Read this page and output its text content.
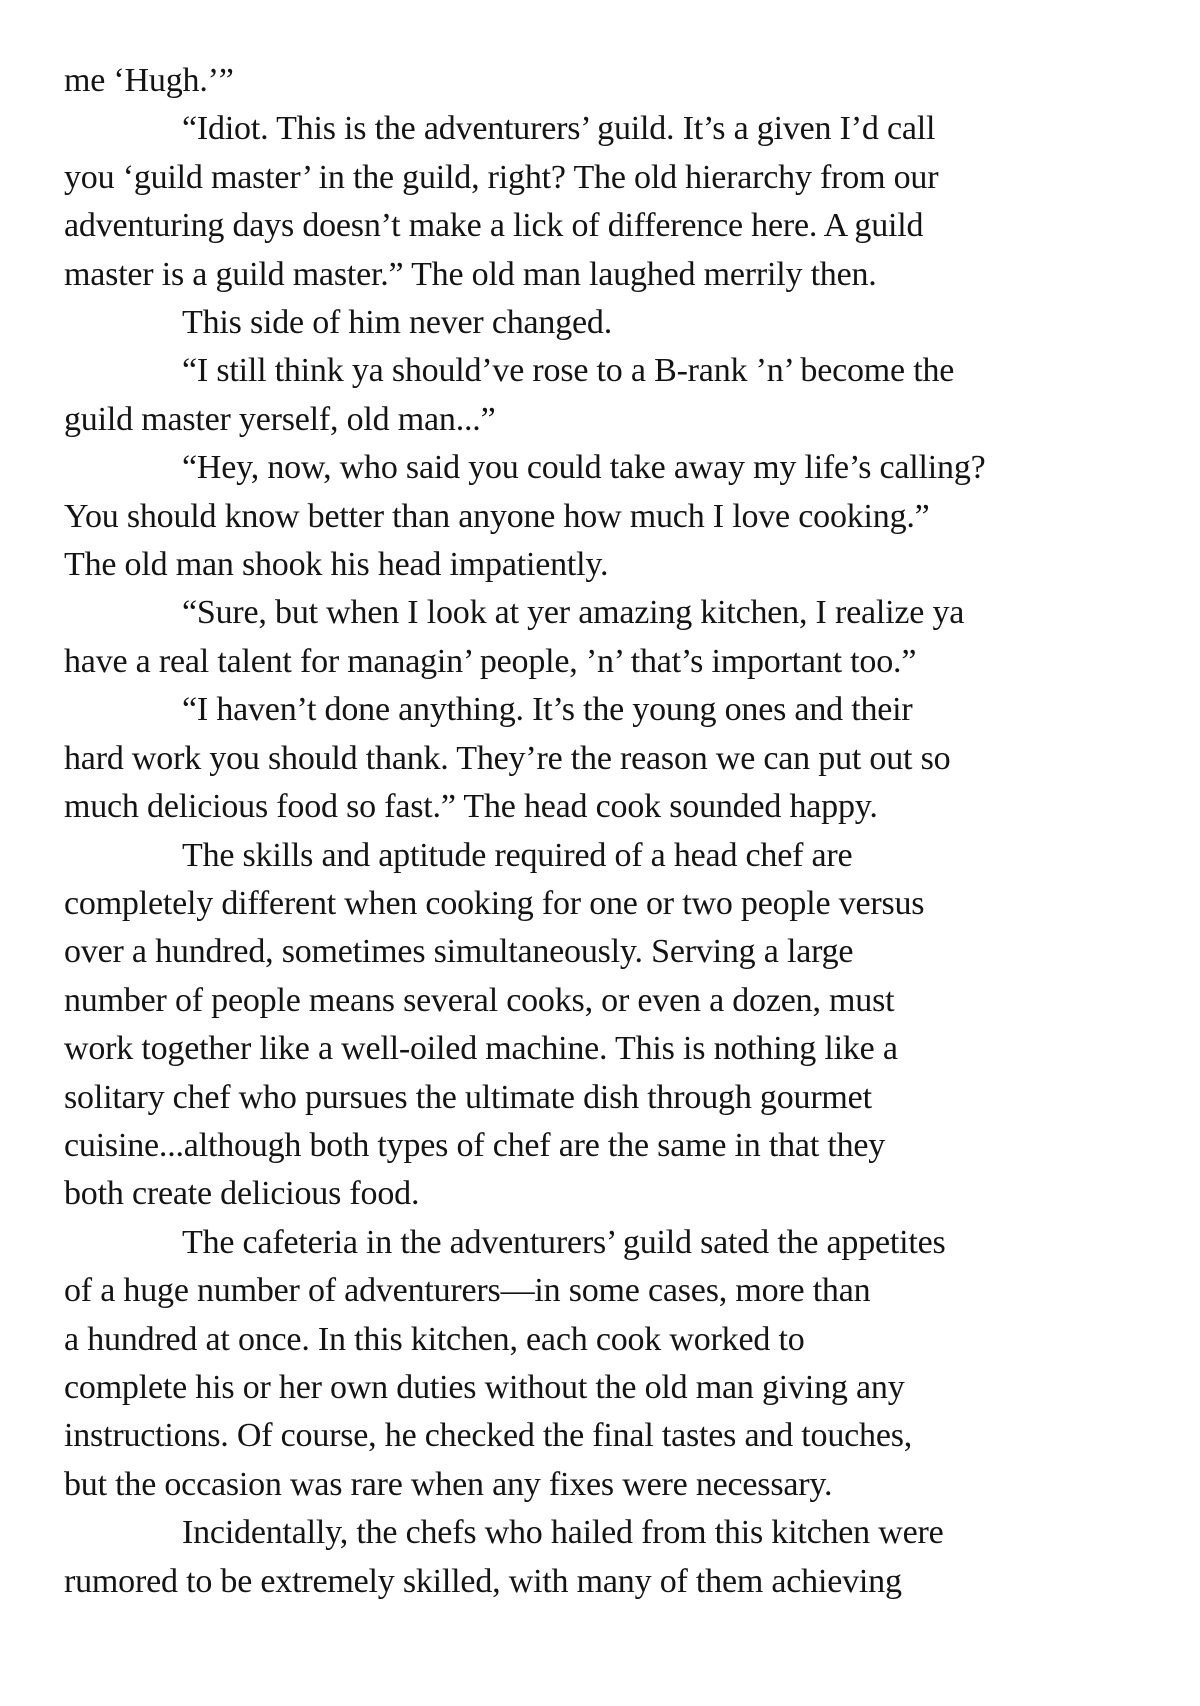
me ‘Hugh.’”
“Idiot. This is the adventurers’ guild. It’s a given I’d call
you ‘guild master’ in the guild, right? The old hierarchy from our
adventuring days doesn’t make a lick of difference here. A guild
master is a guild master.” The old man laughed merrily then.
This side of him never changed.
“I still think ya should’ve rose to a B-rank ’n’ become the
guild master yerself, old man...”
“Hey, now, who said you could take away my life’s calling?
You should know better than anyone how much I love cooking.”
The old man shook his head impatiently.
“Sure, but when I look at yer amazing kitchen, I realize ya
have a real talent for managin’ people, ’n’ that’s important too.”
“I haven’t done anything. It’s the young ones and their
hard work you should thank. They’re the reason we can put out so
much delicious food so fast.” The head cook sounded happy.
The skills and aptitude required of a head chef are
completely different when cooking for one or two people versus
over a hundred, sometimes simultaneously. Serving a large
number of people means several cooks, or even a dozen, must
work together like a well-oiled machine. This is nothing like a
solitary chef who pursues the ultimate dish through gourmet
cuisine...although both types of chef are the same in that they
both create delicious food.
The cafeteria in the adventurers’ guild sated the appetites
of a huge number of adventurers—in some cases, more than
a hundred at once. In this kitchen, each cook worked to
complete his or her own duties without the old man giving any
instructions. Of course, he checked the final tastes and touches,
but the occasion was rare when any fixes were necessary.
Incidentally, the chefs who hailed from this kitchen were
rumored to be extremely skilled, with many of them achieving
